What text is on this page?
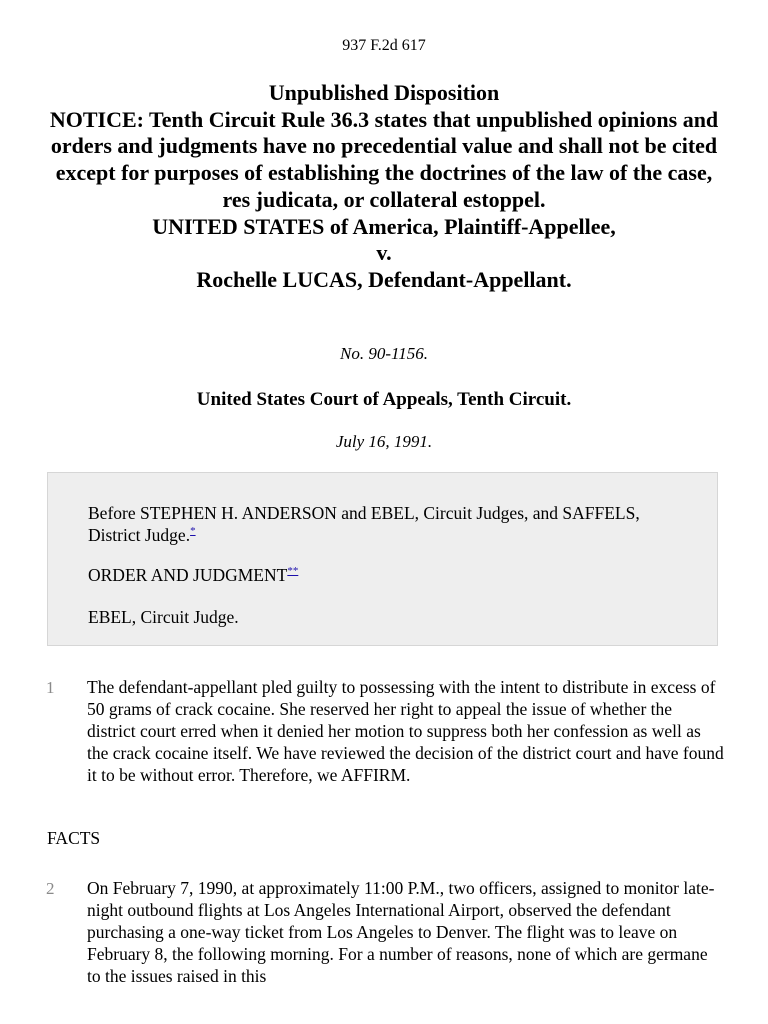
937 F.2d 617
Unpublished Disposition
NOTICE: Tenth Circuit Rule 36.3 states that unpublished opinions and orders and judgments have no precedential value and shall not be cited except for purposes of establishing the doctrines of the law of the case, res judicata, or collateral estoppel.
UNITED STATES of America, Plaintiff-Appellee,
v.
Rochelle LUCAS, Defendant-Appellant.
No. 90-1156.
United States Court of Appeals, Tenth Circuit.
July 16, 1991.

Before STEPHEN H. ANDERSON and EBEL, Circuit Judges, and SAFFELS, District Judge.*

ORDER AND JUDGMENT**

EBEL, Circuit Judge.

1 The defendant-appellant pled guilty to possessing with the intent to distribute in excess of 50 grams of crack cocaine. She reserved her right to appeal the issue of whether the district court erred when it denied her motion to suppress both her confession as well as the crack cocaine itself. We have reviewed the decision of the district court and have found it to be without error. Therefore, we AFFIRM.

FACTS
2 On February 7, 1990, at approximately 11:00 P.M., two officers, assigned to monitor late-night outbound flights at Los Angeles International Airport, observed the defendant purchasing a one-way ticket from Los Angeles to Denver. The flight was to leave on February 8, the following morning. For a number of reasons, none of which are germane to the issues raised in this
